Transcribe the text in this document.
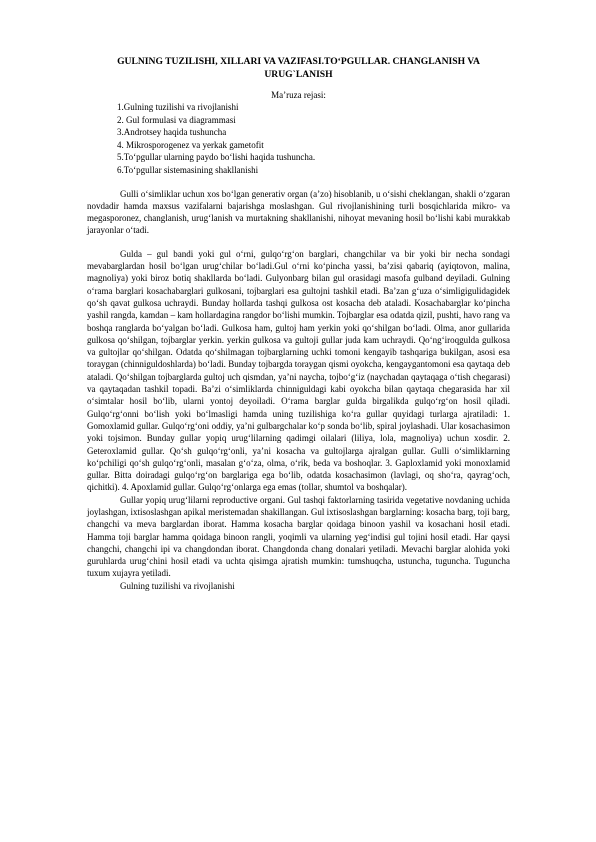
GULNING TUZILISHI, XILLARI VA VAZIFASI.TO‘PGULLAR. CHANGLANISH VA URUG`LANISH
Ma’ruza rejasi:
1.Gulning tuzilishi va rivojlanishi
2. Gul formulasi va diagrammasi
3.Androtsey haqida tushuncha
4. Mikrosporogenez va yerkak gametofit
5.To‘pgullar ularning paydo bo‘lishi haqida tushuncha.
6.To‘pgullar sistemasining shakllanishi

Gulli o‘simliklar uchun xos bo‘lgan generativ organ (a’zo) hisoblanib, u o‘sishi cheklangan, shakli o‘zgaran novdadir hamda maxsus vazifalarni bajarishga moslashgan. Gul rivojlanishining turli bosqichlarida mikro- va megasporonez, changlanish, urug‘lanish va murtakning shakllanishi, nihoyat mevaning hosil bo‘lishi kabi murakkab jarayonlar o‘tadi.

Gulda – gul bandi yoki gul o‘rni, gulqo‘rg‘on barglari, changchilar va bir yoki bir necha sondagi mevabarglardan hosil bo‘lgan urug‘chilar bo‘ladi.Gul o‘rni ko‘pincha yassi, ba’zisi qabariq (ayiqtovon, malina, magnoliya) yoki biroz botiq shakllarda bo‘ladi. Gulyonbarg bilan gul orasidagi masofa gulband deyiladi. Gulning o‘rama barglari kosachabarglari gulkosani, tojbarglari esa gultojni tashkil etadi. Ba’zan g‘uza o‘simligigulidagidek qo‘sh qavat gulkosa uchraydi. Bunday hollarda tashqi gulkosa ost kosacha deb ataladi. Kosachabarglar ko‘pincha yashil rangda, kamdan – kam hollardagina rangdor bo‘lishi mumkin. Tojbarglar esa odatda qizil, pushti, havo rang va boshqa ranglarda bo‘yalgan bo‘ladi. Gulkosa ham, gultoj ham yerkin yoki qo‘shilgan bo‘ladi. Olma, anor gullarida gulkosa qo‘shilgan, tojbarglar yerkin. yerkin gulkosa va gultoji gullar juda kam uchraydi. Qo‘ng‘iroqgulda gulkosa va gultojlar qo‘shilgan. Odatda qo‘shilmagan tojbarglarning uchki tomoni kengayib tashqariga bukilgan, asosi esa toraygan (chinniguldoshlarda) bo‘ladi. Bunday tojbargda toraygan qismi oyokcha, kengaygantomoni esa qaytaqa deb ataladi. Qo‘shilgan tojbarglarda gultoj uch qismdan, ya’ni naycha, tojbo‘g‘iz (naychadan qaytaqaga o‘tish chegarasi) va qaytaqadan tashkil topadi. Ba’zi o‘simliklarda chinniguldagi kabi oyokcha bilan qaytaqa chegarasida har xil o‘simtalar hosil bo‘lib, ularni yontoj deyoiladi. O‘rama barglar gulda birgalikda gulqo‘rg‘on hosil qiladi. Gulqo‘rg‘onni bo‘lish yoki bo‘lmasligi hamda uning tuzilishiga ko‘ra gullar quyidagi turlarga ajratiladi: 1. Gomoxlamid gullar. Gulqo‘rg‘oni oddiy, ya’ni gulbargchalar ko‘p sonda bo‘lib, spiral joylashadi. Ular kosachasimon yoki tojsimon. Bunday gullar yopiq urug‘lilarning qadimgi oilalari (liliya, lola, magnoliya) uchun xosdir. 2. Geteroxlamid gullar. Qo‘sh gulqo‘rg‘onli, ya’ni kosacha va gultojlarga ajralgan gullar. Gulli o‘simliklarning ko‘pchiligi qo‘sh gulqo‘rg‘onli, masalan g‘o‘za, olma, o‘rik, beda va boshoqlar. 3. Gaploxlamid yoki monoxlamid gullar. Bitta doiradagi gulqo‘rg‘on barglariga ega bo‘lib, odatda kosachasimon (lavlagi, oq sho‘ra, qayrag‘och, qichitki). 4. Apoxlamid gullar. Gulqo‘rg‘onlarga ega emas (tollar, shumtol va boshqalar).

Gullar yopiq urug‘lilarni reproductive organi. Gul tashqi faktorlarning tasirida vegetative novdaning uchida joylashgan, ixtisoslashgan apikal meristemadan shakillangan. Gul ixtisoslashgan barglarning: kosacha barg, toji barg, changchi va meva barglardan iborat. Hamma kosacha barglar qoidaga binoon yashil va kosachani hosil etadi. Hamma toji barglar hamma qoidaga binoon rangli, yoqimli va ularning yeg‘indisi gul tojini hosil etadi. Har qaysi changchi, changchi ipi va changdondan iborat. Changdonda chang donalari yetiladi. Mevachi barglar alohida yoki guruhlarda urug‘chini hosil etadi va uchta qisimga ajratish mumkin: tumshuqcha, ustuncha, tuguncha. Tuguncha tuxum xujayra yetiladi.

Gulning tuzilishi va rivojlanishi
